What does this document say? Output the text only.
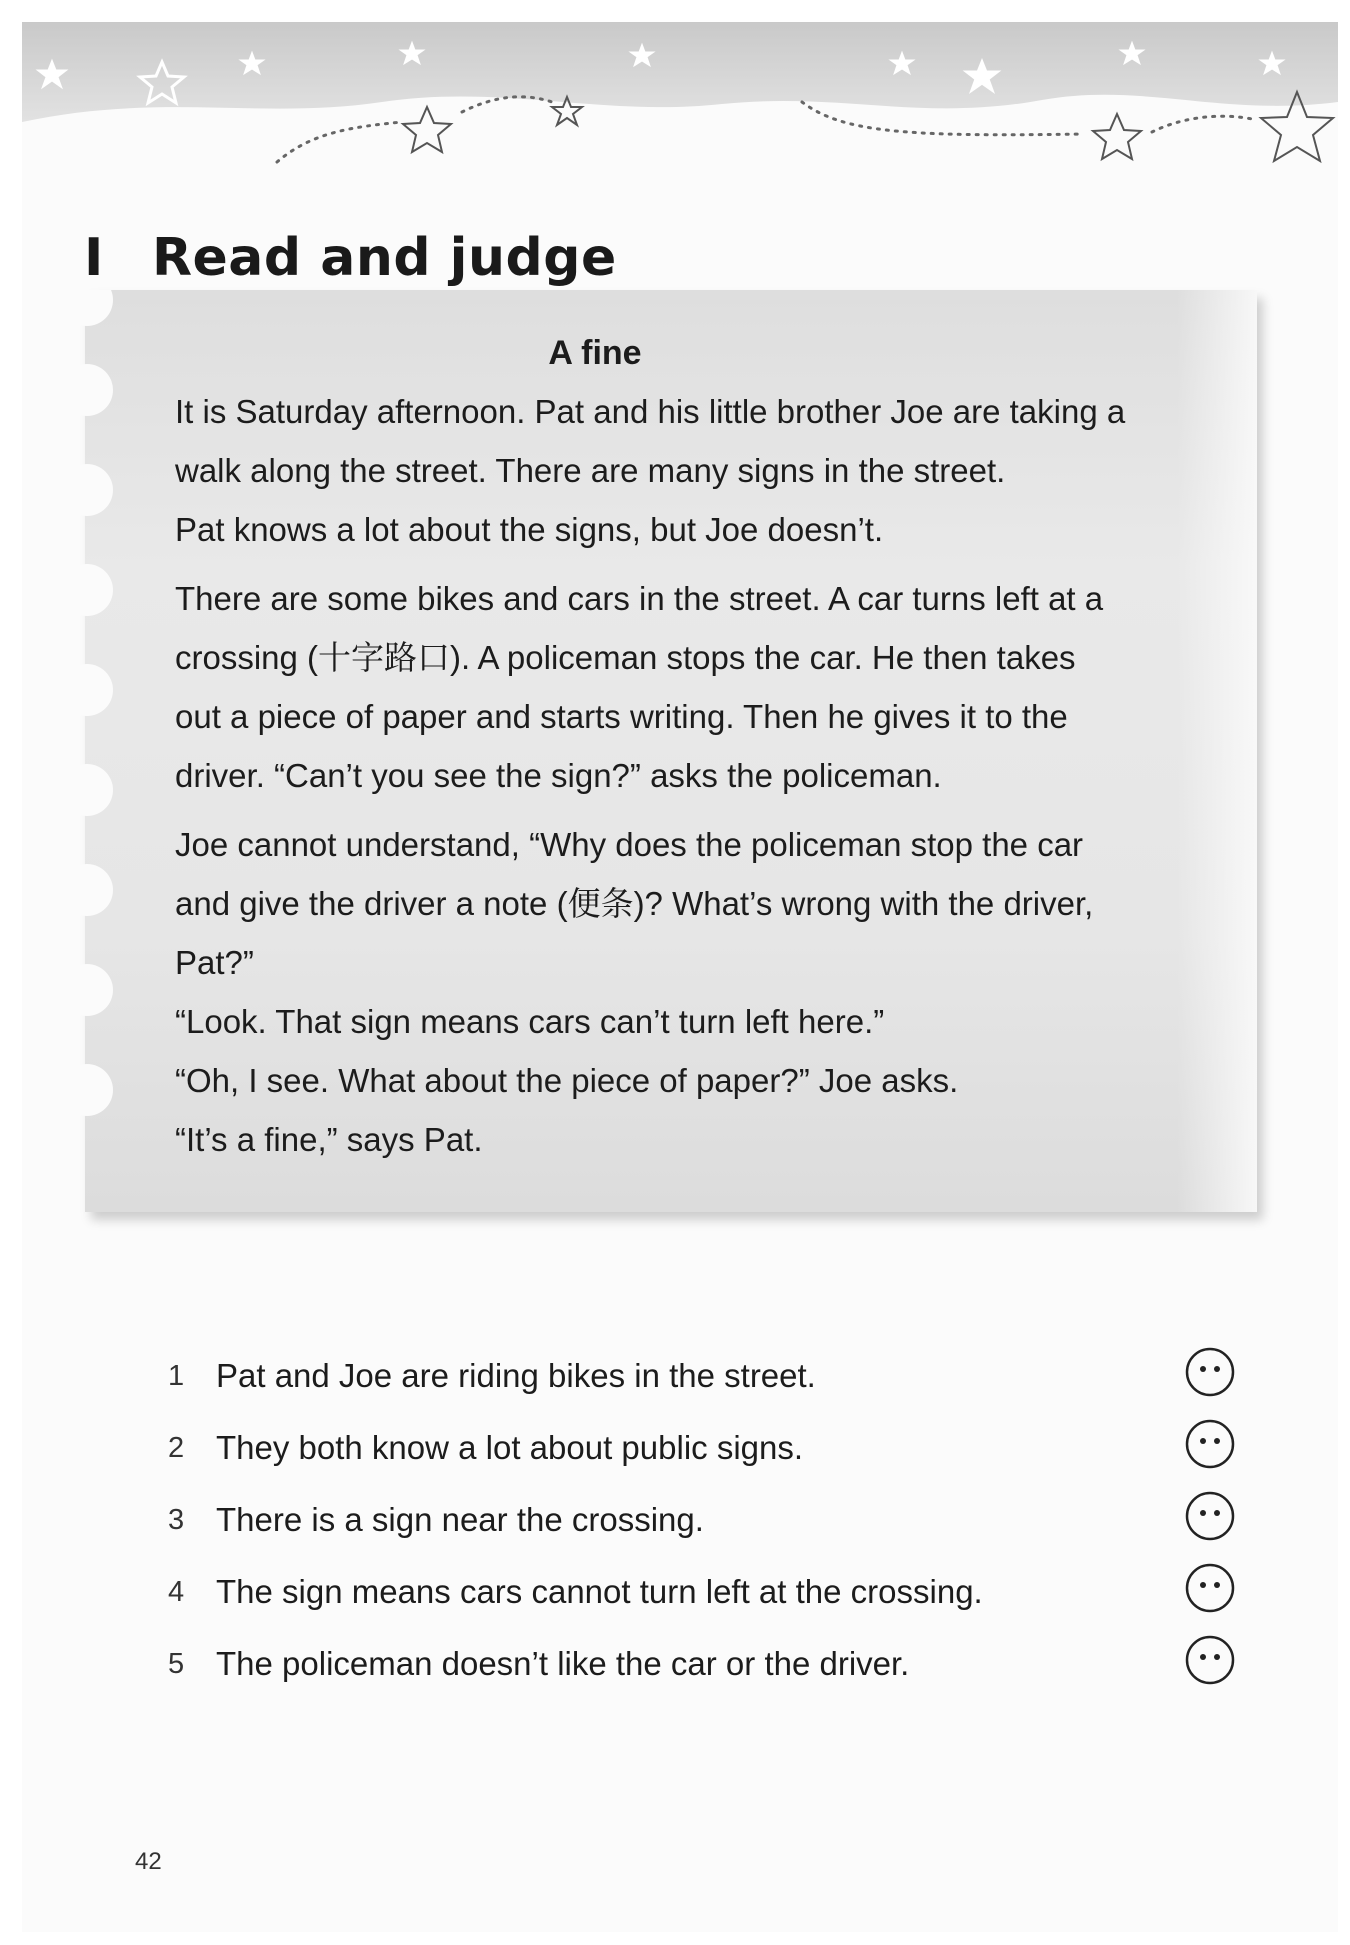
I Read and judge
A fine

It is Saturday afternoon. Pat and his little brother Joe are taking a

walk along the street. There are many signs in the street.

Pat knows a lot about the signs, but Joe doesn’t.

There are some bikes and cars in the street. A car turns left at a

crossing (十字路口). A policeman stops the car. He then takes

out a piece of paper and starts writing. Then he gives it to the

driver. “Can’t you see the sign?” asks the policeman.

Joe cannot understand, “Why does the policeman stop the car

and give the driver a note (便条)? What’s wrong with the driver,

Pat?”

“Look. That sign means cars can’t turn left here.”

“Oh, I see. What about the piece of paper?” Joe asks.

“It’s a fine,” says Pat.

1 Pat and Joe are riding bikes in the street.
2 They both know a lot about public signs.
3 There is a sign near the crossing.
4 The sign means cars cannot turn left at the crossing.
5 The policeman doesn’t like the car or the driver.
42
